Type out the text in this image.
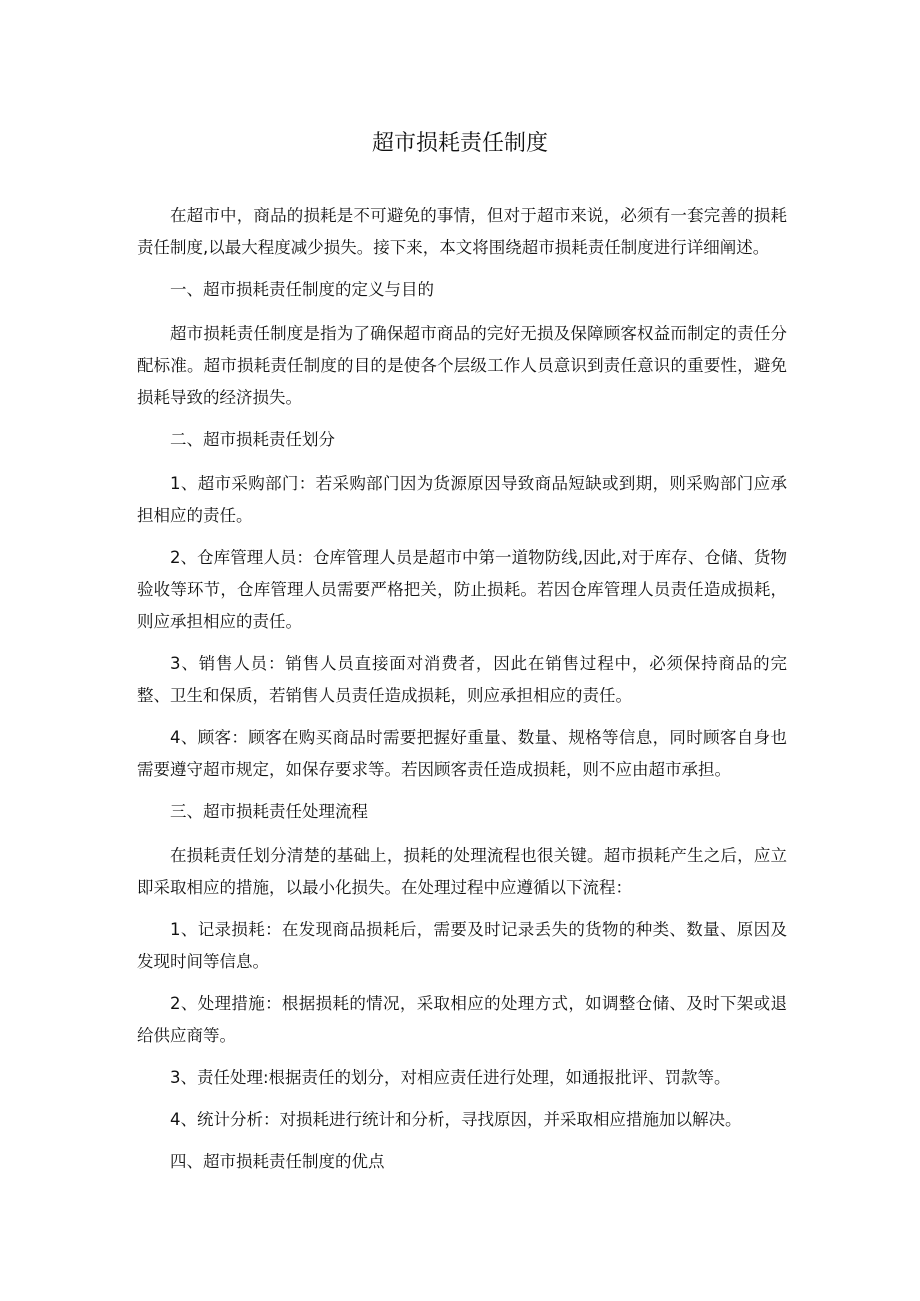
超市损耗责任制度

在超市中，商品的损耗是不可避免的事情，但对于超市来说，必须有一套完善的损耗责任制度,以最大程度减少损失。接下来，本文将围绕超市损耗责任制度进行详细阐述。

一、超市损耗责任制度的定义与目的

超市损耗责任制度是指为了确保超市商品的完好无损及保障顾客权益而制定的责任分配标准。超市损耗责任制度的目的是使各个层级工作人员意识到责任意识的重要性，避免损耗导致的经济损失。

二、超市损耗责任划分

1、超市采购部门：若采购部门因为货源原因导致商品短缺或到期，则采购部门应承担相应的责任。

2、仓库管理人员：仓库管理人员是超市中第一道物防线,因此,对于库存、仓储、货物验收等环节，仓库管理人员需要严格把关，防止损耗。若因仓库管理人员责任造成损耗，则应承担相应的责任。

3、销售人员：销售人员直接面对消费者，因此在销售过程中，必须保持商品的完整、卫生和保质，若销售人员责任造成损耗，则应承担相应的责任。

4、顾客：顾客在购买商品时需要把握好重量、数量、规格等信息，同时顾客自身也需要遵守超市规定，如保存要求等。若因顾客责任造成损耗，则不应由超市承担。

三、超市损耗责任处理流程

在损耗责任划分清楚的基础上，损耗的处理流程也很关键。超市损耗产生之后，应立即采取相应的措施，以最小化损失。在处理过程中应遵循以下流程：

1、记录损耗：在发现商品损耗后，需要及时记录丢失的货物的种类、数量、原因及发现时间等信息。

2、处理措施：根据损耗的情况，采取相应的处理方式，如调整仓储、及时下架或退给供应商等。

3、责任处理:根据责任的划分，对相应责任进行处理，如通报批评、罚款等。

4、统计分析：对损耗进行统计和分析，寻找原因，并采取相应措施加以解决。

四、超市损耗责任制度的优点
